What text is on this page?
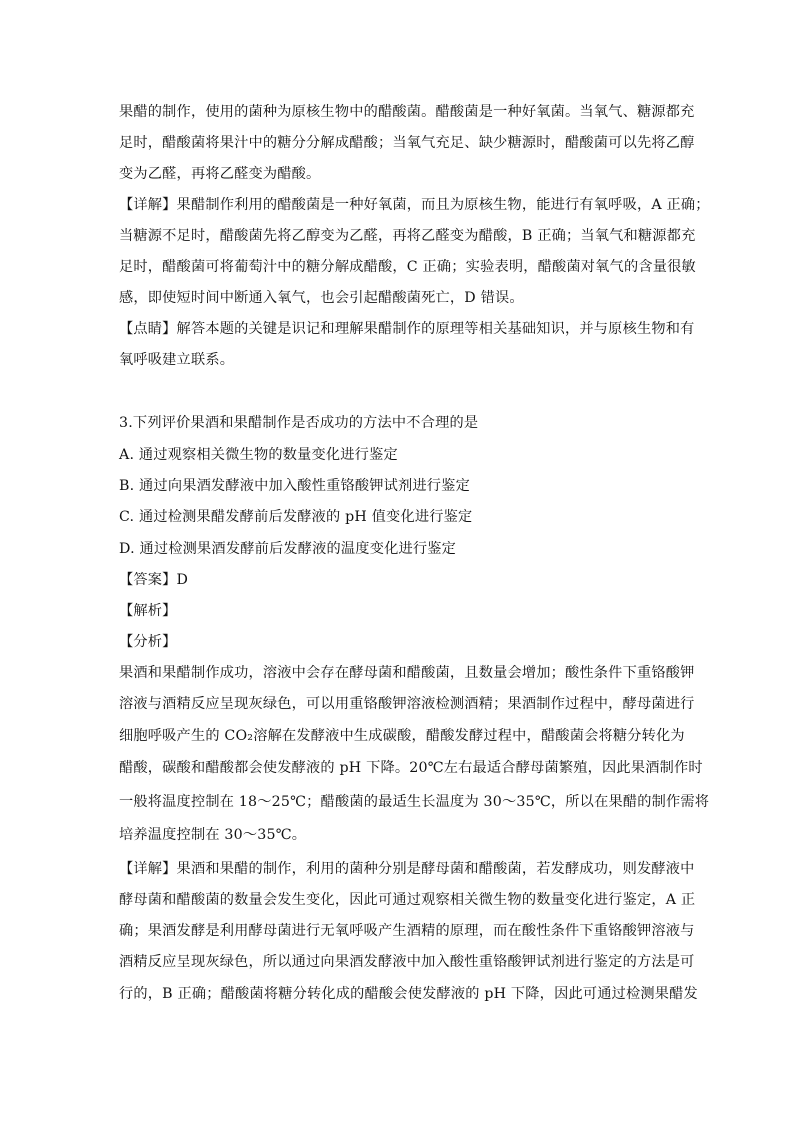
果醋的制作，使用的菌种为原核生物中的醋酸菌。醋酸菌是一种好氧菌。当氧气、糖源都充
足时，醋酸菌将果汁中的糖分分解成醋酸；当氧气充足、缺少糖源时，醋酸菌可以先将乙醇
变为乙醛，再将乙醛变为醋酸。
【详解】果醋制作利用的醋酸菌是一种好氧菌，而且为原核生物，能进行有氧呼吸，A 正确；
当糖源不足时，醋酸菌先将乙醇变为乙醛，再将乙醛变为醋酸，B 正确；当氧气和糖源都充
足时，醋酸菌可将葡萄汁中的糖分解成醋酸，C 正确；实验表明，醋酸菌对氧气的含量很敏
感，即使短时间中断通入氧气，也会引起醋酸菌死亡，D 错误。
【点睛】解答本题的关键是识记和理解果醋制作的原理等相关基础知识，并与原核生物和有
氧呼吸建立联系。
3.下列评价果酒和果醋制作是否成功的方法中不合理的是
A. 通过观察相关微生物的数量变化进行鉴定
B. 通过向果酒发酵液中加入酸性重铬酸钾试剂进行鉴定
C. 通过检测果醋发酵前后发酵液的 pH 值变化进行鉴定
D. 通过检测果酒发酵前后发酵液的温度变化进行鉴定
【答案】D
【解析】
【分析】
果酒和果醋制作成功，溶液中会存在酵母菌和醋酸菌，且数量会增加；酸性条件下重铬酸钾
溶液与酒精反应呈现灰绿色，可以用重铬酸钾溶液检测酒精；果酒制作过程中，酵母菌进行
细胞呼吸产生的 CO₂溶解在发酵液中生成碳酸，醋酸发酵过程中，醋酸菌会将糖分转化为
醋酸，碳酸和醋酸都会使发酵液的 pH 下降。20℃左右最适合酵母菌繁殖，因此果酒制作时
一般将温度控制在 18～25℃；醋酸菌的最适生长温度为 30～35℃，所以在果醋的制作需将
培养温度控制在 30～35℃。
【详解】果酒和果醋的制作，利用的菌种分别是酵母菌和醋酸菌，若发酵成功，则发酵液中
酵母菌和醋酸菌的数量会发生变化，因此可通过观察相关微生物的数量变化进行鉴定，A 正
确；果酒发酵是利用酵母菌进行无氧呼吸产生酒精的原理，而在酸性条件下重铬酸钾溶液与
酒精反应呈现灰绿色，所以通过向果酒发酵液中加入酸性重铬酸钾试剂进行鉴定的方法是可
行的，B 正确；醋酸菌将糖分转化成的醋酸会使发酵液的 pH 下降，因此可通过检测果醋发
